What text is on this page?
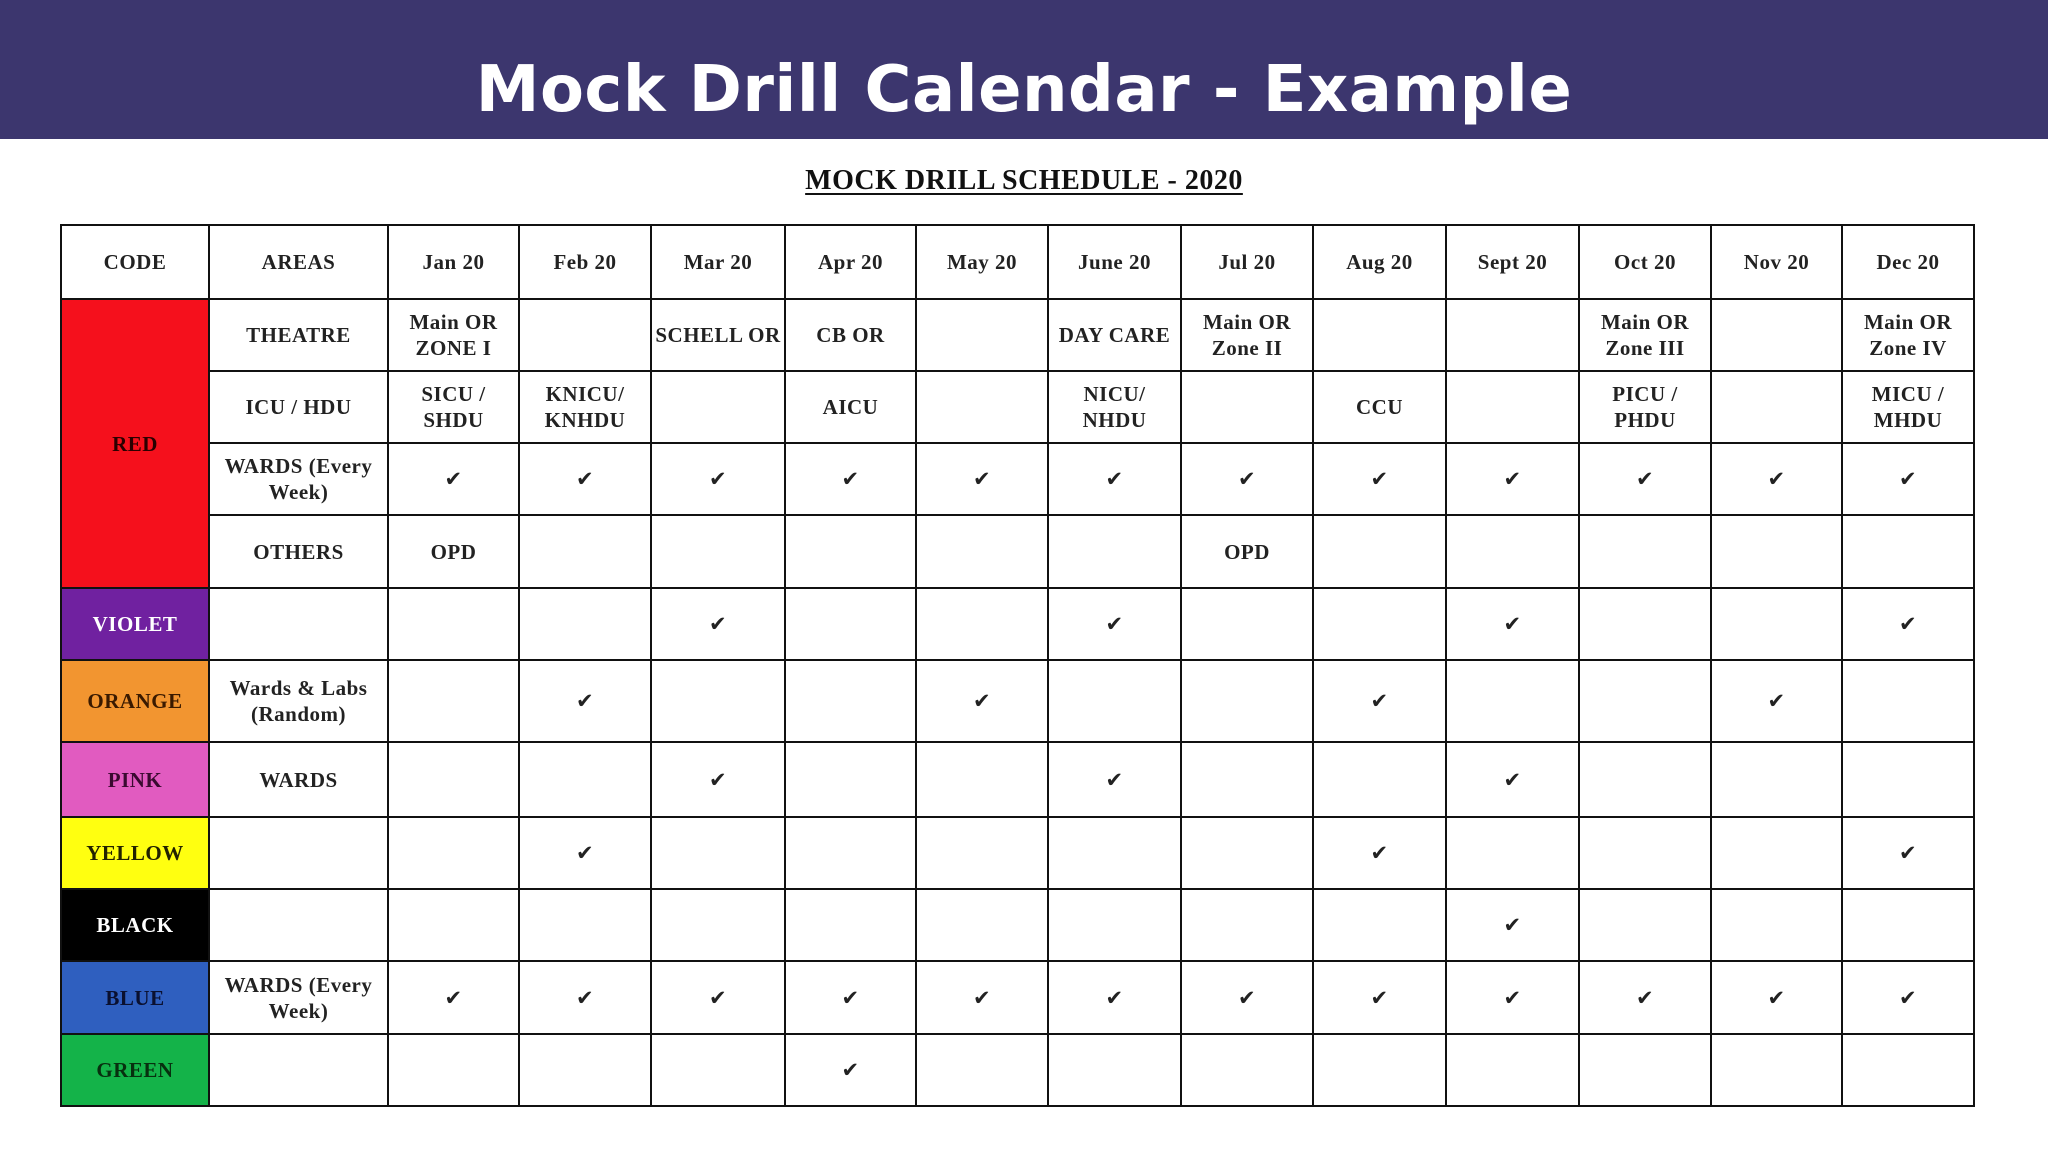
Mock Drill Calendar - Example
MOCK DRILL SCHEDULE - 2020
CODE	AREAS	Jan 20	Feb 20	Mar 20	Apr 20	May 20	June 20	Jul 20	Aug 20	Sept 20	Oct 20	Nov 20	Dec 20
RED	THEATRE	Main OR ZONE I		SCHELL OR	CB OR		DAY CARE	Main OR Zone II			Main OR Zone III		Main OR Zone IV
	ICU / HDU	SICU / SHDU	KNICU/ KNHDU		AICU		NICU/ NHDU		CCU		PICU / PHDU		MICU / MHDU
	WARDS (Every Week)	✔	✔	✔	✔	✔	✔	✔	✔	✔	✔	✔	✔
	OTHERS	OPD						OPD					
VIOLET				✔			✔			✔			✔
ORANGE	Wards & Labs (Random)		✔			✔			✔			✔	
PINK	WARDS			✔			✔			✔			
YELLOW			✔						✔				✔
BLACK										✔			
BLUE	WARDS (Every Week)	✔	✔	✔	✔	✔	✔	✔	✔	✔	✔	✔	✔
GREEN					✔								
